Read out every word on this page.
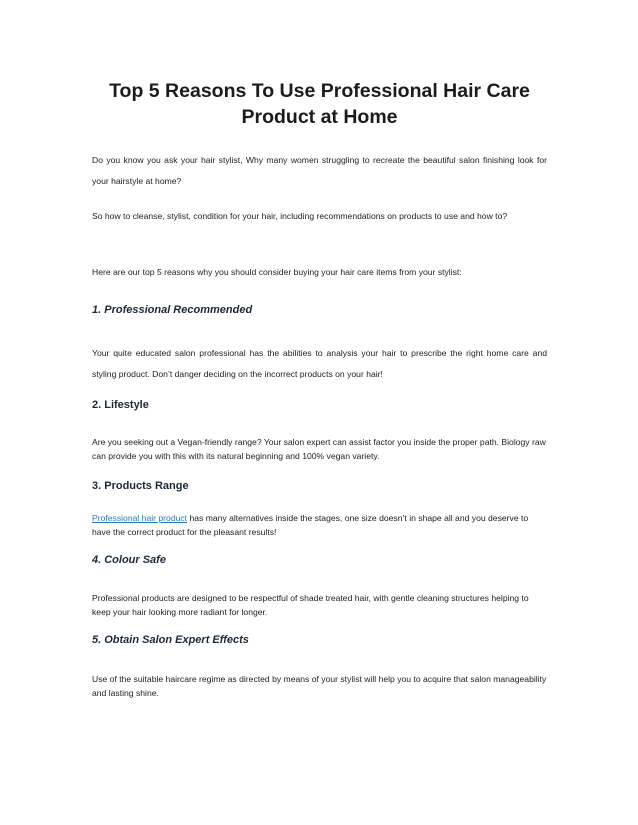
Top 5 Reasons To Use Professional Hair Care Product at Home
Do you know you ask your hair stylist, Why many women struggling to recreate the beautiful salon finishing look for your hairstyle at home?
So how to cleanse, stylist, condition for your hair, including recommendations on products to use and how to?
Here are our top 5 reasons why you should consider buying your hair care items from your stylist:
1. Professional Recommended
Your quite educated salon professional has the abilities to analysis your hair to prescribe the right home care and styling product. Don’t danger deciding on the incorrect products on your hair!
2. Lifestyle
Are you seeking out a Vegan-friendly range? Your salon expert can assist factor you inside the proper path. Biology raw can provide you with this with its natural beginning and 100% vegan variety.
3. Products Range
Professional hair product has many alternatives inside the stages, one size doesn’t in shape all and you deserve to have the correct product for the pleasant results!
4. Colour Safe
Professional products are designed to be respectful of shade treated hair, with gentle cleaning structures helping to keep your hair looking more radiant for longer.
5. Obtain Salon Expert Effects
Use of the suitable haircare regime as directed by means of your stylist will help you to acquire that salon manageability and lasting shine.
